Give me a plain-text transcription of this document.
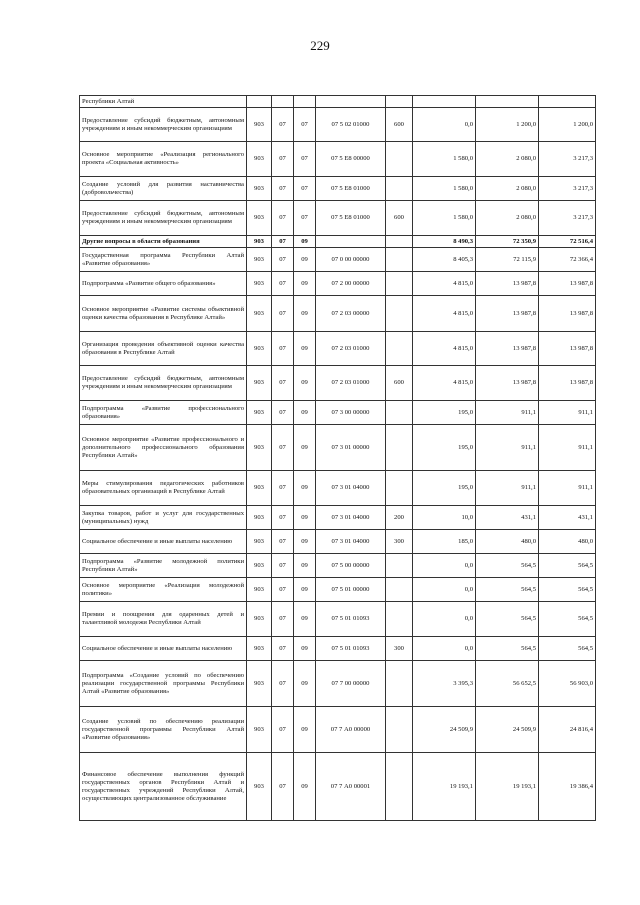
229
Республики Алтай								
Предоставление субсидий бюджетным, автономным учреждениям и иным некоммерческим организациям	903	07	07	07 5 02 01000	600	0,0	1 200,0	1 200,0
Основное мероприятие «Реализация регионального проекта «Социальная активность»	903	07	07	07 5 E8 00000		1 580,0	2 080,0	3 217,3
Создание условий для развития наставничества (добровольчества)	903	07	07	07 5 E8 01000		1 580,0	2 080,0	3 217,3
Предоставление субсидий бюджетным, автономным учреждениям и иным некоммерческим организациям	903	07	07	07 5 E8 01000	600	1 580,0	2 080,0	3 217,3
Другие вопросы в области образования	903	07	09			8 490,3	72 350,9	72 516,4
Государственная программа Республики Алтай «Развитие образования»	903	07	09	07 0 00 00000		8 405,3	72 115,9	72 366,4
Подпрограмма «Развитие общего образования»	903	07	09	07 2 00 00000		4 815,0	13 987,8	13 987,8
Основное мероприятие «Развитие системы объективной оценки качества образования в Республике Алтай»	903	07	09	07 2 03 00000		4 815,0	13 987,8	13 987,8
Организация проведения объективной оценки качества образования в Республике Алтай	903	07	09	07 2 03 01000		4 815,0	13 987,8	13 987,8
Предоставление субсидий бюджетным, автономным учреждениям и иным некоммерческим организациям	903	07	09	07 2 03 01000	600	4 815,0	13 987,8	13 987,8
Подпрограмма «Развитие профессионального образования»	903	07	09	07 3 00 00000		195,0	911,1	911,1
Основное мероприятие «Развитие профессионального и дополнительного профессионального образования Республики Алтай»	903	07	09	07 3 01 00000		195,0	911,1	911,1
Меры стимулирования педагогических работников образовательных организаций в Республике Алтай	903	07	09	07 3 01 04000		195,0	911,1	911,1
Закупка товаров, работ и услуг для государственных (муниципальных) нужд	903	07	09	07 3 01 04000	200	10,0	431,1	431,1
Социальное обеспечение и иные выплаты населению	903	07	09	07 3 01 04000	300	185,0	480,0	480,0
Подпрограмма «Развитие молодежной политики Республики Алтай»	903	07	09	07 5 00 00000		0,0	564,5	564,5
Основное мероприятие «Реализация молодежной политики»	903	07	09	07 5 01 00000		0,0	564,5	564,5
Премии и поощрения для одаренных детей и талантливой молодежи Республики Алтай	903	07	09	07 5 01 01093		0,0	564,5	564,5
Социальное обеспечение и иные выплаты населению	903	07	09	07 5 01 01093	300	0,0	564,5	564,5
Подпрограмма «Создание условий по обеспечению реализации государственной программы Республики Алтай «Развитие образования»	903	07	09	07 7 00 00000		3 395,3	56 652,5	56 903,0
Создание условий по обеспечению реализации государственной программы Республики Алтай «Развитие образования»	903	07	09	07 7 А0 00000		24 509,9	24 509,9	24 816,4
Финансовое обеспечение выполнения функций государственных органов Республики Алтай и государственных учреждений Республики Алтай, осуществляющих централизованное обслуживание	903	07	09	07 7 А0 00001		19 193,1	19 193,1	19 386,4
